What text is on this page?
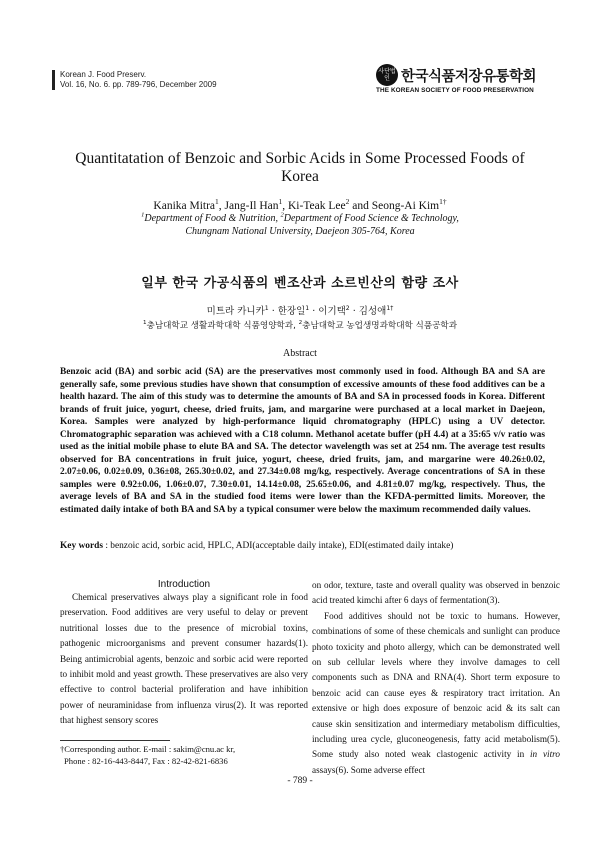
Korean J. Food Preserv.
Vol. 16, No. 6. pp. 789-796, December 2009
사단법인 한국식품저장유통학회
THE KOREAN SOCIETY OF FOOD PRESERVATION
Quantitatation of Benzoic and Sorbic Acids in Some Processed Foods of Korea
Kanika Mitra$^1$, Jang-Il Han$^1$, Ki-Teak Lee$^2$ and Seong-Ai Kim$^{1\dagger}$
$^1$Department of Food & Nutrition, $^2$Department of Food Science & Technology,
Chungnam National University, Daejeon 305-764, Korea
일부 한국 가공식품의 벤조산과 소르빈산의 함량 조사
미트라 카니카$^1$ · 한장일$^1$ · 이기택$^2$ · 김성애$^{1\dagger}$
$^1$충남대학교 생활과학대학 식품영양학과, $^2$충남대학교 농업생명과학대학 식품공학과
Abstract
Benzoic acid (BA) and sorbic acid (SA) are the preservatives most commonly used in food. Although BA and SA are generally safe, some previous studies have shown that consumption of excessive amounts of these food additives can be a health hazard. The aim of this study was to determine the amounts of BA and SA in processed foods in Korea. Different brands of fruit juice, yogurt, cheese, dried fruits, jam, and margarine were purchased at a local market in Daejeon, Korea. Samples were analyzed by high-performance liquid chromatography (HPLC) using a UV detector. Chromatographic separation was achieved with a C18 column. Methanol acetate buffer (pH 4.4) at a 35:65 v/v ratio was used as the initial mobile phase to elute BA and SA. The detector wavelength was set at 254 nm. The average test results observed for BA concentrations in fruit juice, yogurt, cheese, dried fruits, jam, and margarine were 40.26±0.02, 2.07±0.06, 0.02±0.09, 0.36±08, 265.30±0.02, and 27.34±0.08 mg/kg, respectively. Average concentrations of SA in these samples were 0.92±0.06, 1.06±0.07, 7.30±0.01, 14.14±0.08, 25.65±0.06, and 4.81±0.07 mg/kg, respectively. Thus, the average levels of BA and SA in the studied food items were lower than the KFDA-permitted limits. Moreover, the estimated daily intake of both BA and SA by a typical consumer were below the maximum recommended daily values.
Key words : benzoic acid, sorbic acid, HPLC, ADI(acceptable daily intake), EDI(estimated daily intake)
Introduction

Chemical preservatives always play a significant role in food preservation. Food additives are very useful to delay or prevent nutritional losses due to the presence of microbial toxins, pathogenic microorganisms and prevent consumer hazards(1). Being antimicrobial agents, benzoic and sorbic acid were reported to inhibit mold and yeast growth. These preservatives are also very effective to control bacterial proliferation and have inhibition power of neuraminidase from influenza virus(2). It was reported that highest sensory scores

on odor, texture, taste and overall quality was observed in benzoic acid treated kimchi after 6 days of fermentation(3).

Food additives should not be toxic to humans. However, combinations of some of these chemicals and sunlight can produce photo toxicity and photo allergy, which can be demonstrated well on sub cellular levels where they involve damages to cell components such as DNA and RNA(4). Short term exposure to benzoic acid can cause eyes & respiratory tract irritation. An extensive or high does exposure of benzoic acid & its salt can cause skin sensitization and intermediary metabolism difficulties, including urea cycle, gluconeogenesis, fatty acid metabolism(5). Some study also noted weak clastogenic activity in in vitro assays(6). Some adverse effect

†Corresponding author. E-mail : sakim@cnu.ac kr,
Phone : 82-16-443-8447, Fax : 82-42-821-6836
- 789 -
